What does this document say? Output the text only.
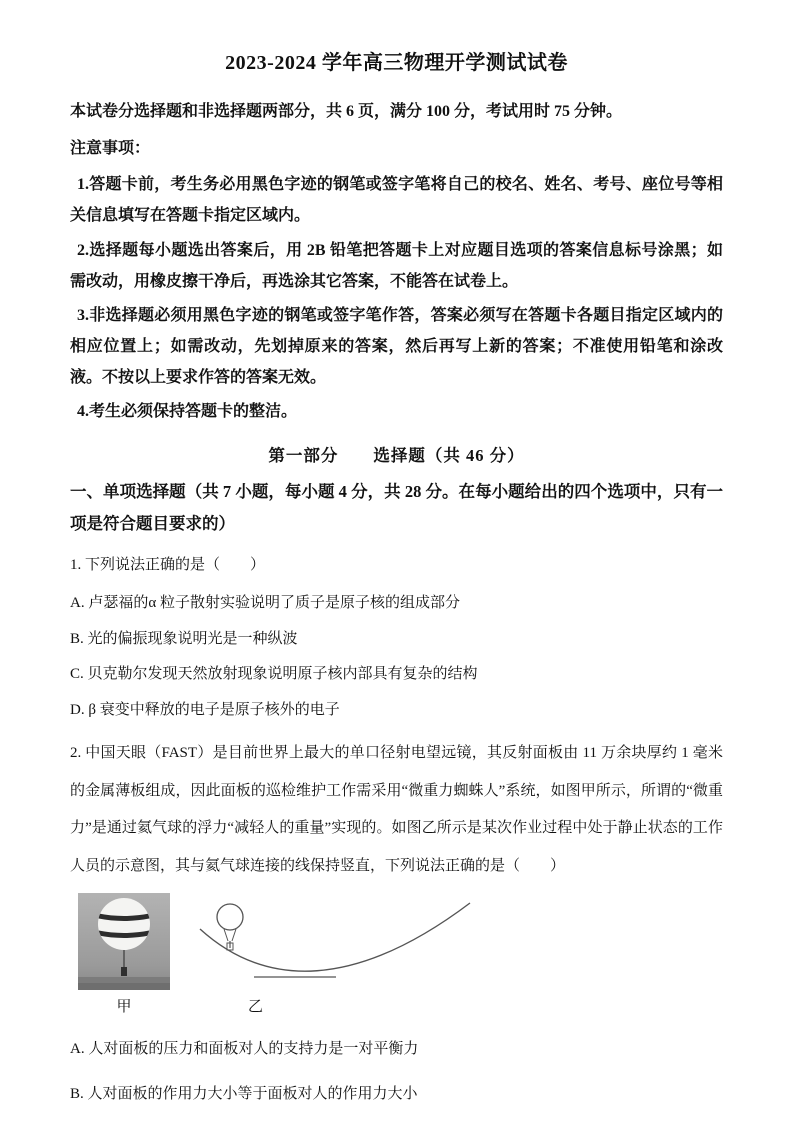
2023-2024 学年高三物理开学测试试卷

本试卷分选择题和非选择题两部分，共 6 页，满分 100 分，考试用时 75 分钟。

注意事项：

1.答题卡前，考生务必用黑色字迹的钢笔或签字笔将自己的校名、姓名、考号、座位号等相关信息填写在答题卡指定区域内。

2.选择题每小题选出答案后，用 2B 铅笔把答题卡上对应题目选项的答案信息标号涂黑；如需改动，用橡皮擦干净后，再选涂其它答案，不能答在试卷上。

3.非选择题必须用黑色字迹的钢笔或签字笔作答，答案必须写在答题卡各题目指定区域内的相应位置上；如需改动，先划掉原来的答案，然后再写上新的答案；不准使用铅笔和涂改液。不按以上要求作答的答案无效。

4.考生必须保持答题卡的整洁。

第一部分　　选择题（共 46 分）

一、单项选择题（共 7 小题，每小题 4 分，共 28 分。在每小题给出的四个选项中，只有一项是符合题目要求的）

1. 下列说法正确的是（　　）

A. 卢瑟福的α 粒子散射实验说明了质子是原子核的组成部分

B. 光的偏振现象说明光是一种纵波

C. 贝克勒尔发现天然放射现象说明原子核内部具有复杂的结构

D. β 衰变中释放的电子是原子核外的电子

2. 中国天眼（FAST）是目前世界上最大的单口径射电望远镜，其反射面板由 11 万余块厚约 1 毫米的金属薄板组成，因此面板的巡检维护工作需采用“微重力蜘蛛人”系统，如图甲所示，所谓的“微重力”是通过氦气球的浮力“减轻人的重量”实现的。如图乙所示是某次作业过程中处于静止状态的工作人员的示意图，其与氦气球连接的线保持竖直，下列说法正确的是（　　）

甲	乙

A. 人对面板的压力和面板对人的支持力是一对平衡力

B. 人对面板的作用力大小等于面板对人的作用力大小
